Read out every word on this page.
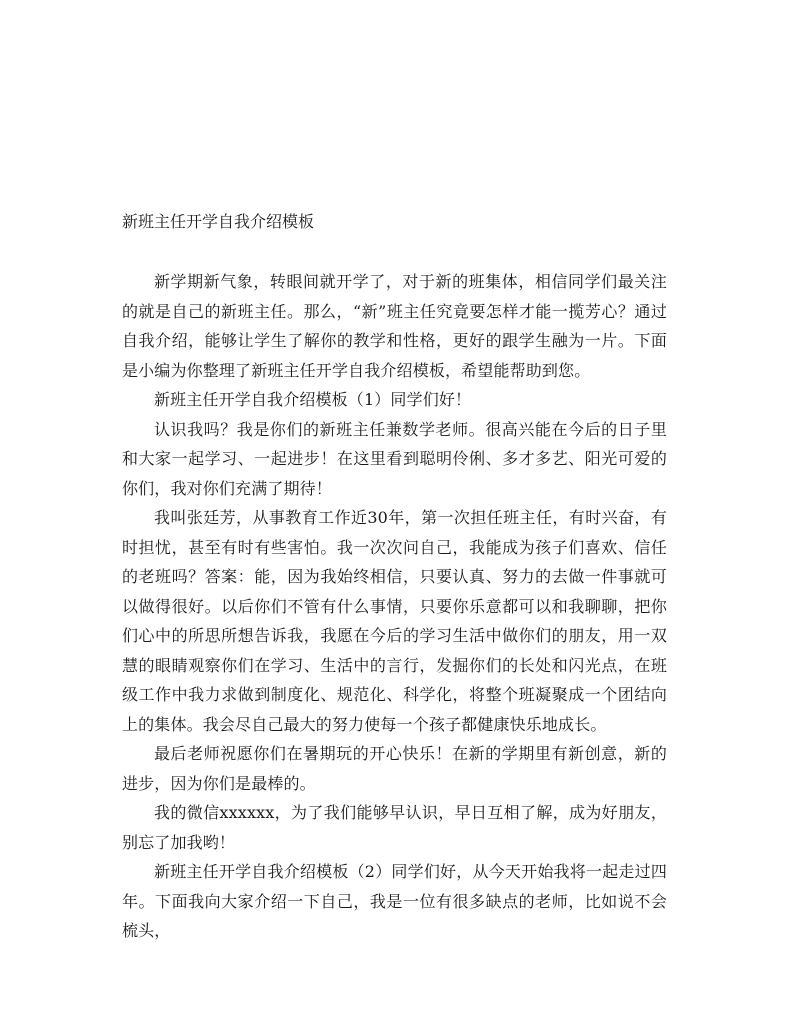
新班主任开学自我介绍模板

新学期新气象，转眼间就开学了，对于新的班集体，相信同学们最关注的就是自己的新班主任。那么，“新”班主任究竟要怎样才能一揽芳心？通过自我介绍，能够让学生了解你的教学和性格，更好的跟学生融为一片。下面是小编为你整理了新班主任开学自我介绍模板，希望能帮助到您。

新班主任开学自我介绍模板（1）同学们好！

认识我吗？我是你们的新班主任兼数学老师。很高兴能在今后的日子里和大家一起学习、一起进步！在这里看到聪明伶俐、多才多艺、阳光可爱的你们，我对你们充满了期待！

我叫张廷芳，从事教育工作近30年，第一次担任班主任，有时兴奋，有时担忧，甚至有时有些害怕。我一次次问自己，我能成为孩子们喜欢、信任的老班吗？答案：能，因为我始终相信，只要认真、努力的去做一件事就可以做得很好。以后你们不管有什么事情，只要你乐意都可以和我聊聊，把你们心中的所思所想告诉我，我愿在今后的学习生活中做你们的朋友，用一双慧的眼睛观察你们在学习、生活中的言行，发掘你们的长处和闪光点，在班级工作中我力求做到制度化、规范化、科学化，将整个班凝聚成一个团结向上的集体。我会尽自己最大的努力使每一个孩子都健康快乐地成长。

最后老师祝愿你们在暑期玩的开心快乐！在新的学期里有新创意，新的进步，因为你们是最棒的。

我的微信xxxxxx，为了我们能够早认识，早日互相了解，成为好朋友，别忘了加我哟！

新班主任开学自我介绍模板（2）同学们好，从今天开始我将一起走过四年。下面我向大家介绍一下自己，我是一位有很多缺点的老师，比如说不会梳头，
